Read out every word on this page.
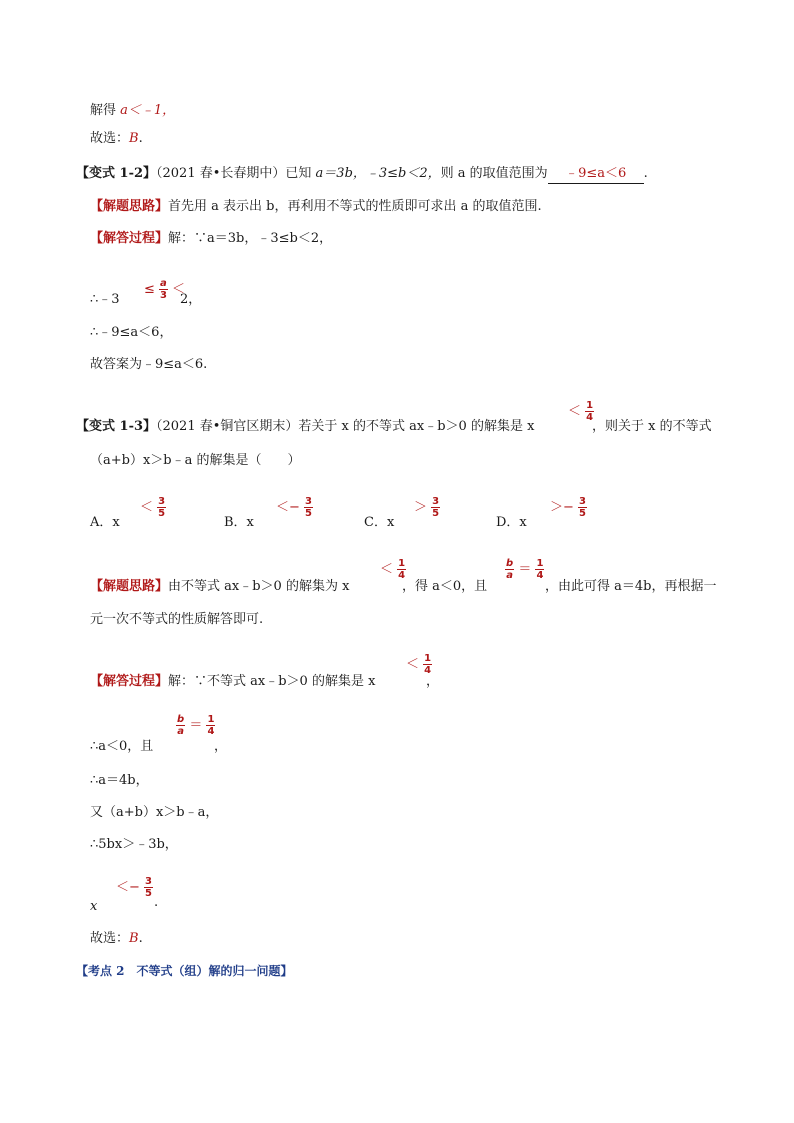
解得 a＜﹣1，
故选：B.
【变式 1-2】（2021 春•长春期中）已知 a＝3b，﹣3≤b＜2，则 a 的取值范围为 ﹣9≤a＜6 .
【解题思路】首先用 a 表示出 b，再利用不等式的性质即可求出 a 的取值范围.
【解答过程】解：∵a＝3b，﹣3≤b＜2，
∴﹣3
≤ $\frac{a}{3}$ ＜
2，
∴﹣9≤a＜6，
故答案为﹣9≤a＜6.
【变式 1-3】（2021 春•铜官区期末）若关于 x 的不等式 ax﹣b＞0 的解集是 x
＜ $\frac{1}{4}$
，则关于 x 的不等式
（a+b）x＞b﹣a 的解集是（　　）
A．x
＜ $\frac{3}{5}$
B．x
＜− $\frac{3}{5}$
C．x
＞ $\frac{3}{5}$
D．x
＞− $\frac{3}{5}$
【解题思路】由不等式 ax﹣b＞0 的解集为 x
＜ $\frac{1}{4}$
，得 a＜0，且
$\frac{b}{a} = \frac{1}{4}$
，由此可得 a＝4b，再根据一
元一次不等式的性质解答即可.
【解答过程】解：∵不等式 ax﹣b＞0 的解集是 x
＜ $\frac{1}{4}$
，
∴a＜0，且
$\frac{b}{a} = \frac{1}{4}$
，
∴a＝4b，
又（a+b）x＞b﹣a，
∴5bx＞﹣3b，
x
＜− $\frac{3}{5}$
.
故选：B.
【考点 2　不等式（组）解的归一问题】
